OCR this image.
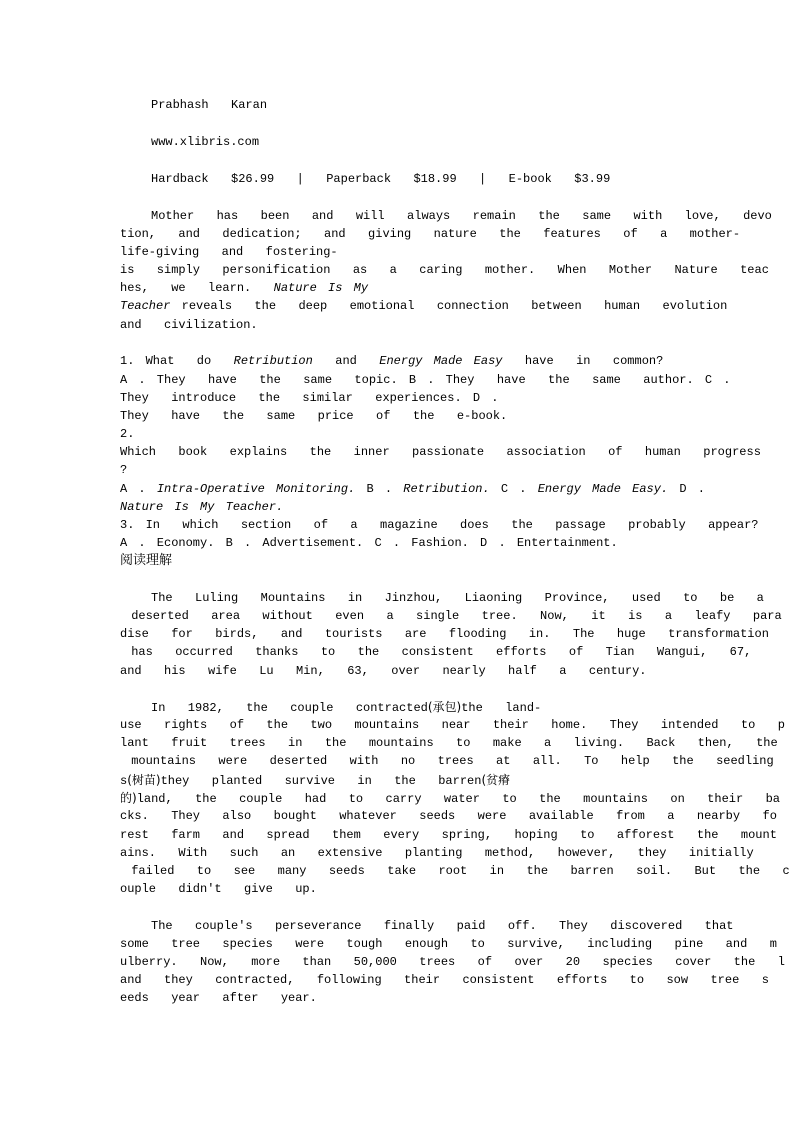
Prabhash  Karan
www.xlibris.com
Hardback  $26.99  |  Paperback  $18.99  |  E-book  $3.99
Mother  has  been  and  will  always  remain  the  same  with  love,  devo
tion,  and  dedication;  and  giving  nature  the  features  of  a  mother-
life-giving  and  fostering-
is  simply  personification  as  a  caring  mother.  When  Mother  Nature  teac
hes,  we  learn.  Nature Is My
Teacher reveals  the  deep  emotional  connection  between  human  evolution
and  civilization.
1. What  do  Retribution  and  Energy Made Easy  have  in  common?
A . They  have  the  same  topic. B . They  have  the  same  author. C .
They  introduce  the  similar  experiences. D .
They  have  the  same  price  of  the  e-book.
2.
Which  book  explains  the  inner  passionate  association  of  human  progress
?
A . Intra-Operative Monitoring. B . Retribution. C . Energy Made Easy. D .
Nature Is My Teacher.
3. In  which  section  of  a  magazine  does  the  passage  probably  appear?
A . Economy. B . Advertisement. C . Fashion. D . Entertainment.
阅读理解
The  Luling  Mountains  in  Jinzhou,  Liaoning  Province,  used  to  be  a
deserted  area  without  even  a  single  tree.  Now,  it  is  a  leafy  para
dise  for  birds,  and  tourists  are  flooding  in.  The  huge  transformation
has  occurred  thanks  to  the  consistent  efforts  of  Tian  Wangui,  67,
and  his  wife  Lu  Min,  63,  over  nearly  half  a  century.
In  1982,  the  couple  contracted(承包)the  land-
use  rights  of  the  two  mountains  near  their  home.  They  intended  to  p
lant  fruit  trees  in  the  mountains  to  make  a  living.  Back  then,  the
mountains  were  deserted  with  no  trees  at  all.  To  help  the  seedling
s(树苗)they  planted  survive  in  the  barren(贫瘠
的)land,  the  couple  had  to  carry  water  to  the  mountains  on  their  ba
cks.  They  also  bought  whatever  seeds  were  available  from  a  nearby  fo
rest  farm  and  spread  them  every  spring,  hoping  to  afforest  the  mount
ains.  With  such  an  extensive  planting  method,  however,  they  initially
failed  to  see  many  seeds  take  root  in  the  barren  soil.  But  the  c
ouple  didn't  give  up.
The  couple's  perseverance  finally  paid  off.  They  discovered  that
some  tree  species  were  tough  enough  to  survive,  including  pine  and  m
ulberry.  Now,  more  than  50,000  trees  of  over  20  species  cover  the  l
and  they  contracted,  following  their  consistent  efforts  to  sow  tree  s
eeds  year  after  year.
